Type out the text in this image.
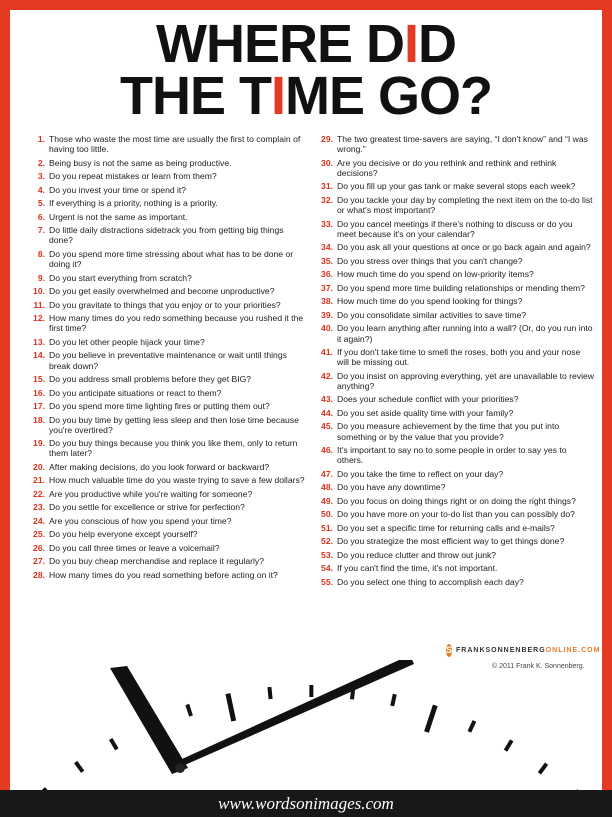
WHERE DID
THE TIME GO?
1. Those who waste the most time are usually the first to complain of having too little.
2. Being busy is not the same as being productive.
3. Do you repeat mistakes or learn from them?
4. Do you invest your time or spend it?
5. If everything is a priority, nothing is a priority.
6. Urgent is not the same as important.
7. Do little daily distractions sidetrack you from getting big things done?
8. Do you spend more time stressing about what has to be done or doing it?
9. Do you start everything from scratch?
10. Do you get easily overwhelmed and become unproductive?
11. Do you gravitate to things that you enjoy or to your priorities?
12. How many times do you redo something because you rushed it the first time?
13. Do you let other people hijack your time?
14. Do you believe in preventative maintenance or wait until things break down?
15. Do you address small problems before they get BIG?
16. Do you anticipate situations or react to them?
17. Do you spend more time lighting fires or putting them out?
18. Do you buy time by getting less sleep and then lose time because you're overtired?
19. Do you buy things because you think you like them, only to return them later?
20. After making decisions, do you look forward or backward?
21. How much valuable time do you waste trying to save a few dollars?
22. Are you productive while you're waiting for someone?
23. Do you settle for excellence or strive for perfection?
24. Are you conscious of how you spend your time?
25. Do you help everyone except yourself?
26. Do you call three times or leave a voicemail?
27. Do you buy cheap merchandise and replace it regularly?
28. How many times do you read something before acting on it?
29. The two greatest time-savers are saying, “I don't know” and “I was wrong.”
30. Are you decisive or do you rethink and rethink and rethink decisions?
31. Do you fill up your gas tank or make several stops each week?
32. Do you tackle your day by completing the next item on the to-do list or what's most important?
33. Do you cancel meetings if there's nothing to discuss or do you meet because it's on your calendar?
34. Do you ask all your questions at once or go back again and again?
35. Do you stress over things that you can't change?
36. How much time do you spend on low-priority items?
37. Do you spend more time building relationships or mending them?
38. How much time do you spend looking for things?
39. Do you consolidate similar activities to save time?
40. Do you learn anything after running into a wall? (Or, do you run into it again?)
41. If you don't take time to smell the roses, both you and your nose will be missing out.
42. Do you insist on approving everything, yet are unavailable to review anything?
43. Does your schedule conflict with your priorities?
44. Do you set aside quality time with your family?
45. Do you measure achievement by the time that you put into something or by the value that you provide?
46. It's important to say no to some people in order to say yes to others.
47. Do you take the time to reflect on your day?
48. Do you have any downtime?
49. Do you focus on doing things right or on doing the right things?
50. Do you have more on your to-do list than you can possibly do?
51. Do you set a specific time for returning calls and e-mails?
52. Do you strategize the most efficient way to get things done?
53. Do you reduce clutter and throw out junk?
54. If you can't find the time, it's not important.
55. Do you select one thing to accomplish each day?
S FRANKSONNENBERGONLINE.COM
© 2011 Frank K. Sonnenberg.
www.wordsonimages.com
